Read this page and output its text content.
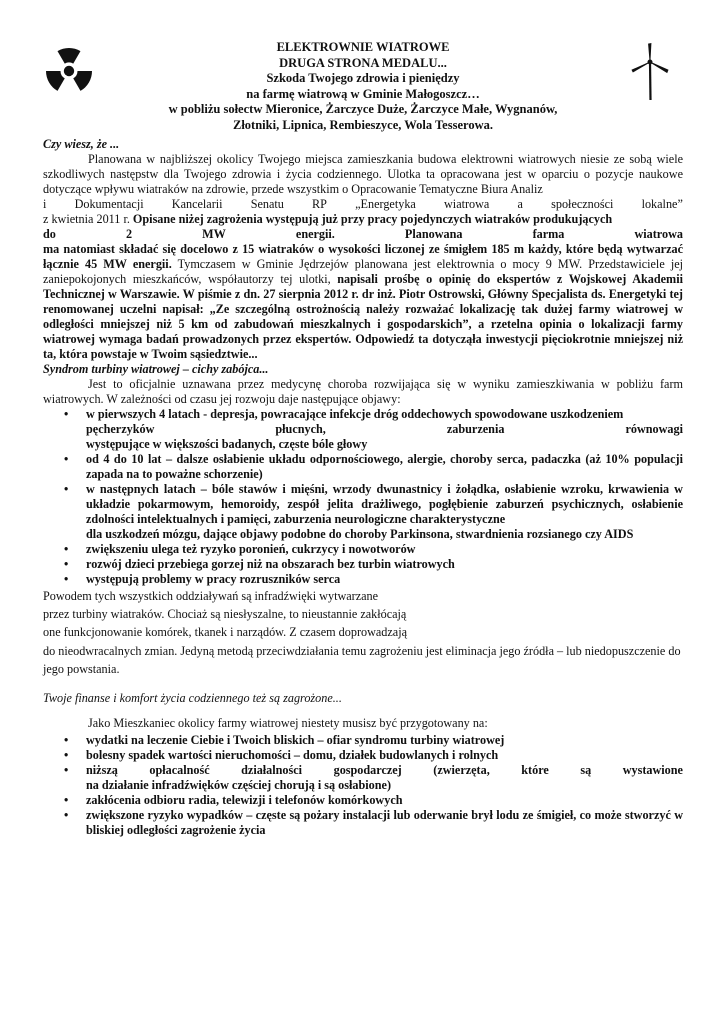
ELEKTROWNIE WIATROWE
DRUGA STRONA MEDALU...
Szkoda Twojego zdrowia i pieniędzy
na farmę wiatrową w Gminie Małogoszcz…
w pobliżu sołectw Mieronice, Żarczyce Duże, Żarczyce Małe, Wygnanów,
Złotniki, Lipnica, Rembieszyce, Wola Tesserowa.

Czy wiesz, że ...

Planowana w najbliższej okolicy Twojego miejsca zamieszkania budowa elektrowni wiatrowych niesie ze sobą wiele szkodliwych następstw dla Twojego zdrowia i życia codziennego. Ulotka ta opracowana jest w oparciu o pozycje naukowe dotyczące wpływu wiatraków na zdrowie, przede wszystkim o Opracowanie Tematyczne Biura Analiz

i Dokumentacji Kancelarii Senatu RP „Energetyka wiatrowa a społeczności lokalne”

z kwietnia 2011 r. Opisane niżej zagrożenia występują już przy pracy pojedynczych wiatraków produkujących

do	2	MW	energii.	Planowana	farma	wiatrowa

ma natomiast składać się docelowo z 15 wiatraków o wysokości liczonej ze śmigłem 185 m każdy, które będą wytwarzać łącznie 45 MW energii. Tymczasem w Gminie Jędrzejów planowana jest elektrownia o mocy 9 MW. Przedstawiciele jej zaniepokojonych mieszkańców, współautorzy tej ulotki, napisali prośbę o opinię do ekspertów z Wojskowej Akademii Technicznej w Warszawie. W piśmie z dn. 27 sierpnia 2012 r. dr inż. Piotr Ostrowski, Główny Specjalista ds. Energetyki tej renomowanej uczelni napisał: „Ze szczególną ostrożnością należy rozważać lokalizację tak dużej farmy wiatrowej w odległości mniejszej niż 5 km od zabudowań mieszkalnych i gospodarskich”, a rzetelna opinia o lokalizacji farmy wiatrowej wymaga badań prowadzonych przez ekspertów. Odpowiedź ta dotycząła inwestycji pięciokrotnie mniejszej niż ta, która powstaje w Twoim sąsiedztwie...

Syndrom turbiny wiatrowej – cichy zabójca...

Jest to oficjalnie uznawana przez medycynę choroba rozwijająca się w wyniku zamieszkiwania w pobliżu farm wiatrowych. W zależności od czasu jej rozwoju daje następujące objawy:

• w pierwszych 4 latach - depresja, powracające infekcje dróg oddechowych spowodowane uszkodzeniem
pęcherzyków	płucnych,	zaburzenia	równowagi
występujące w większości badanych, częste bóle głowy
• od 4 do 10 lat – dalsze osłabienie układu odpornościowego, alergie, choroby serca, padaczka (aż 10% populacji zapada na to poważne schorzenie)
• w następnych latach – bóle stawów i mięśni, wrzody dwunastnicy i żołądka, osłabienie wzroku, krwawienia w układzie pokarmowym, hemoroidy, zespół jelita drażliwego, pogłębienie zaburzeń psychicznych, osłabienie zdolności intelektualnych i pamięci, zaburzenia neurologiczne charakterystyczne
dla uszkodzeń mózgu, dające objawy podobne do choroby Parkinsona, stwardnienia rozsianego czy AIDS
• zwiększeniu ulega też ryzyko poronień, cukrzycy i nowotworów
• rozwój dzieci przebiega gorzej niż na obszarach bez turbin wiatrowych
• występują problemy w pracy rozruszników serca
Powodem tych wszystkich oddziaływań są infradźwięki wytwarzane
przez turbiny wiatraków. Chociaż są niesłyszalne, to nieustannie zakłócają
one funkcjonowanie komórek, tkanek i narządów. Z czasem doprowadzają
do nieodwracalnych zmian. Jedyną metodą przeciwdziałania temu zagrożeniu jest eliminacja jego źródła – lub niedopuszczenie do jego powstania.

Twoje finanse i komfort życia codziennego też są zagrożone...

Jako Mieszkaniec okolicy farmy wiatrowej niestety musisz być przygotowany na:

• wydatki na leczenie Ciebie i Twoich bliskich – ofiar syndromu turbiny wiatrowej
• bolesny spadek wartości nieruchomości – domu, działek budowlanych i rolnych
• niższą	opłacalność	działalności	gospodarczej	(zwierzęta,	które	są	wystawione
na działanie infradźwięków częściej chorują i są osłabione)
• zakłócenia odbioru radia, telewizji i telefonów komórkowych
• zwiększone ryzyko wypadków – częste są pożary instalacji lub oderwanie brył lodu ze śmigieł, co może stworzyć w bliskiej odległości zagrożenie życia
